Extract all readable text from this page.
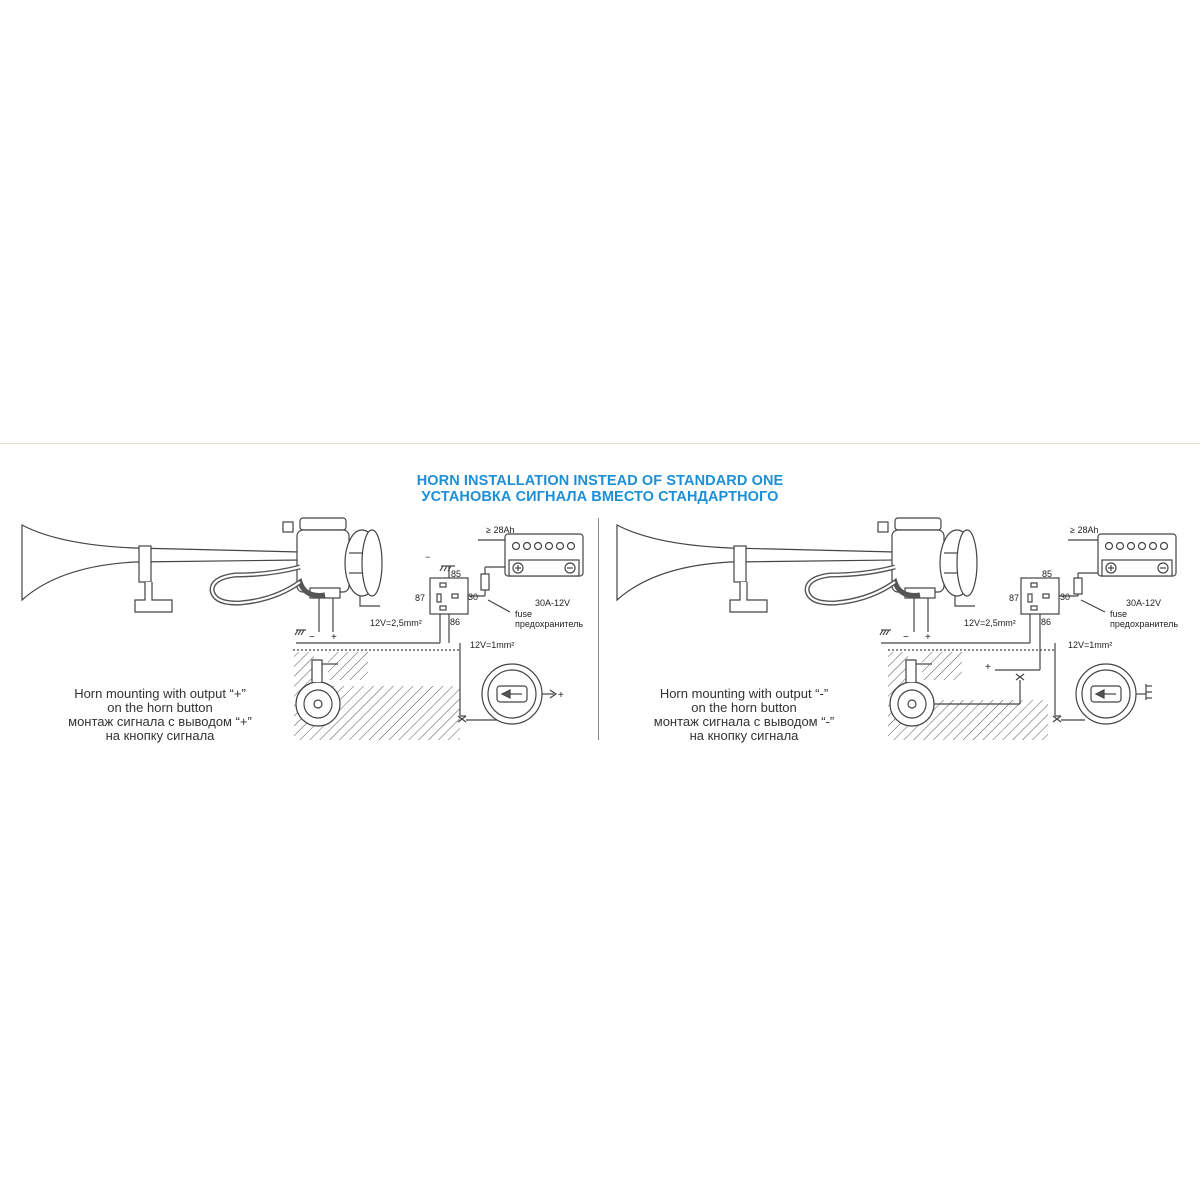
HORN INSTALLATION INSTEAD OF STANDARD ONE
УСТАНОВКА СИГНАЛА ВМЕСТО СТАНДАРТНОГО
≥ 28Ah
−
85
87	30
86
30A-12V
fuse
предохранитель
12V=2,5mm²
12V=1mm²
− +
+
≥ 28Ah
85
87	30
86
30A-12V
fuse
предохранитель
12V=2,5mm²
12V=1mm²
− +
+
Horn mounting with output “+”
on the horn button
монтаж сигнала с выводом “+”
на кнопку сигнала
Horn mounting with output “-”
on the horn button
монтаж сигнала с выводом “-”
на кнопку сигнала
